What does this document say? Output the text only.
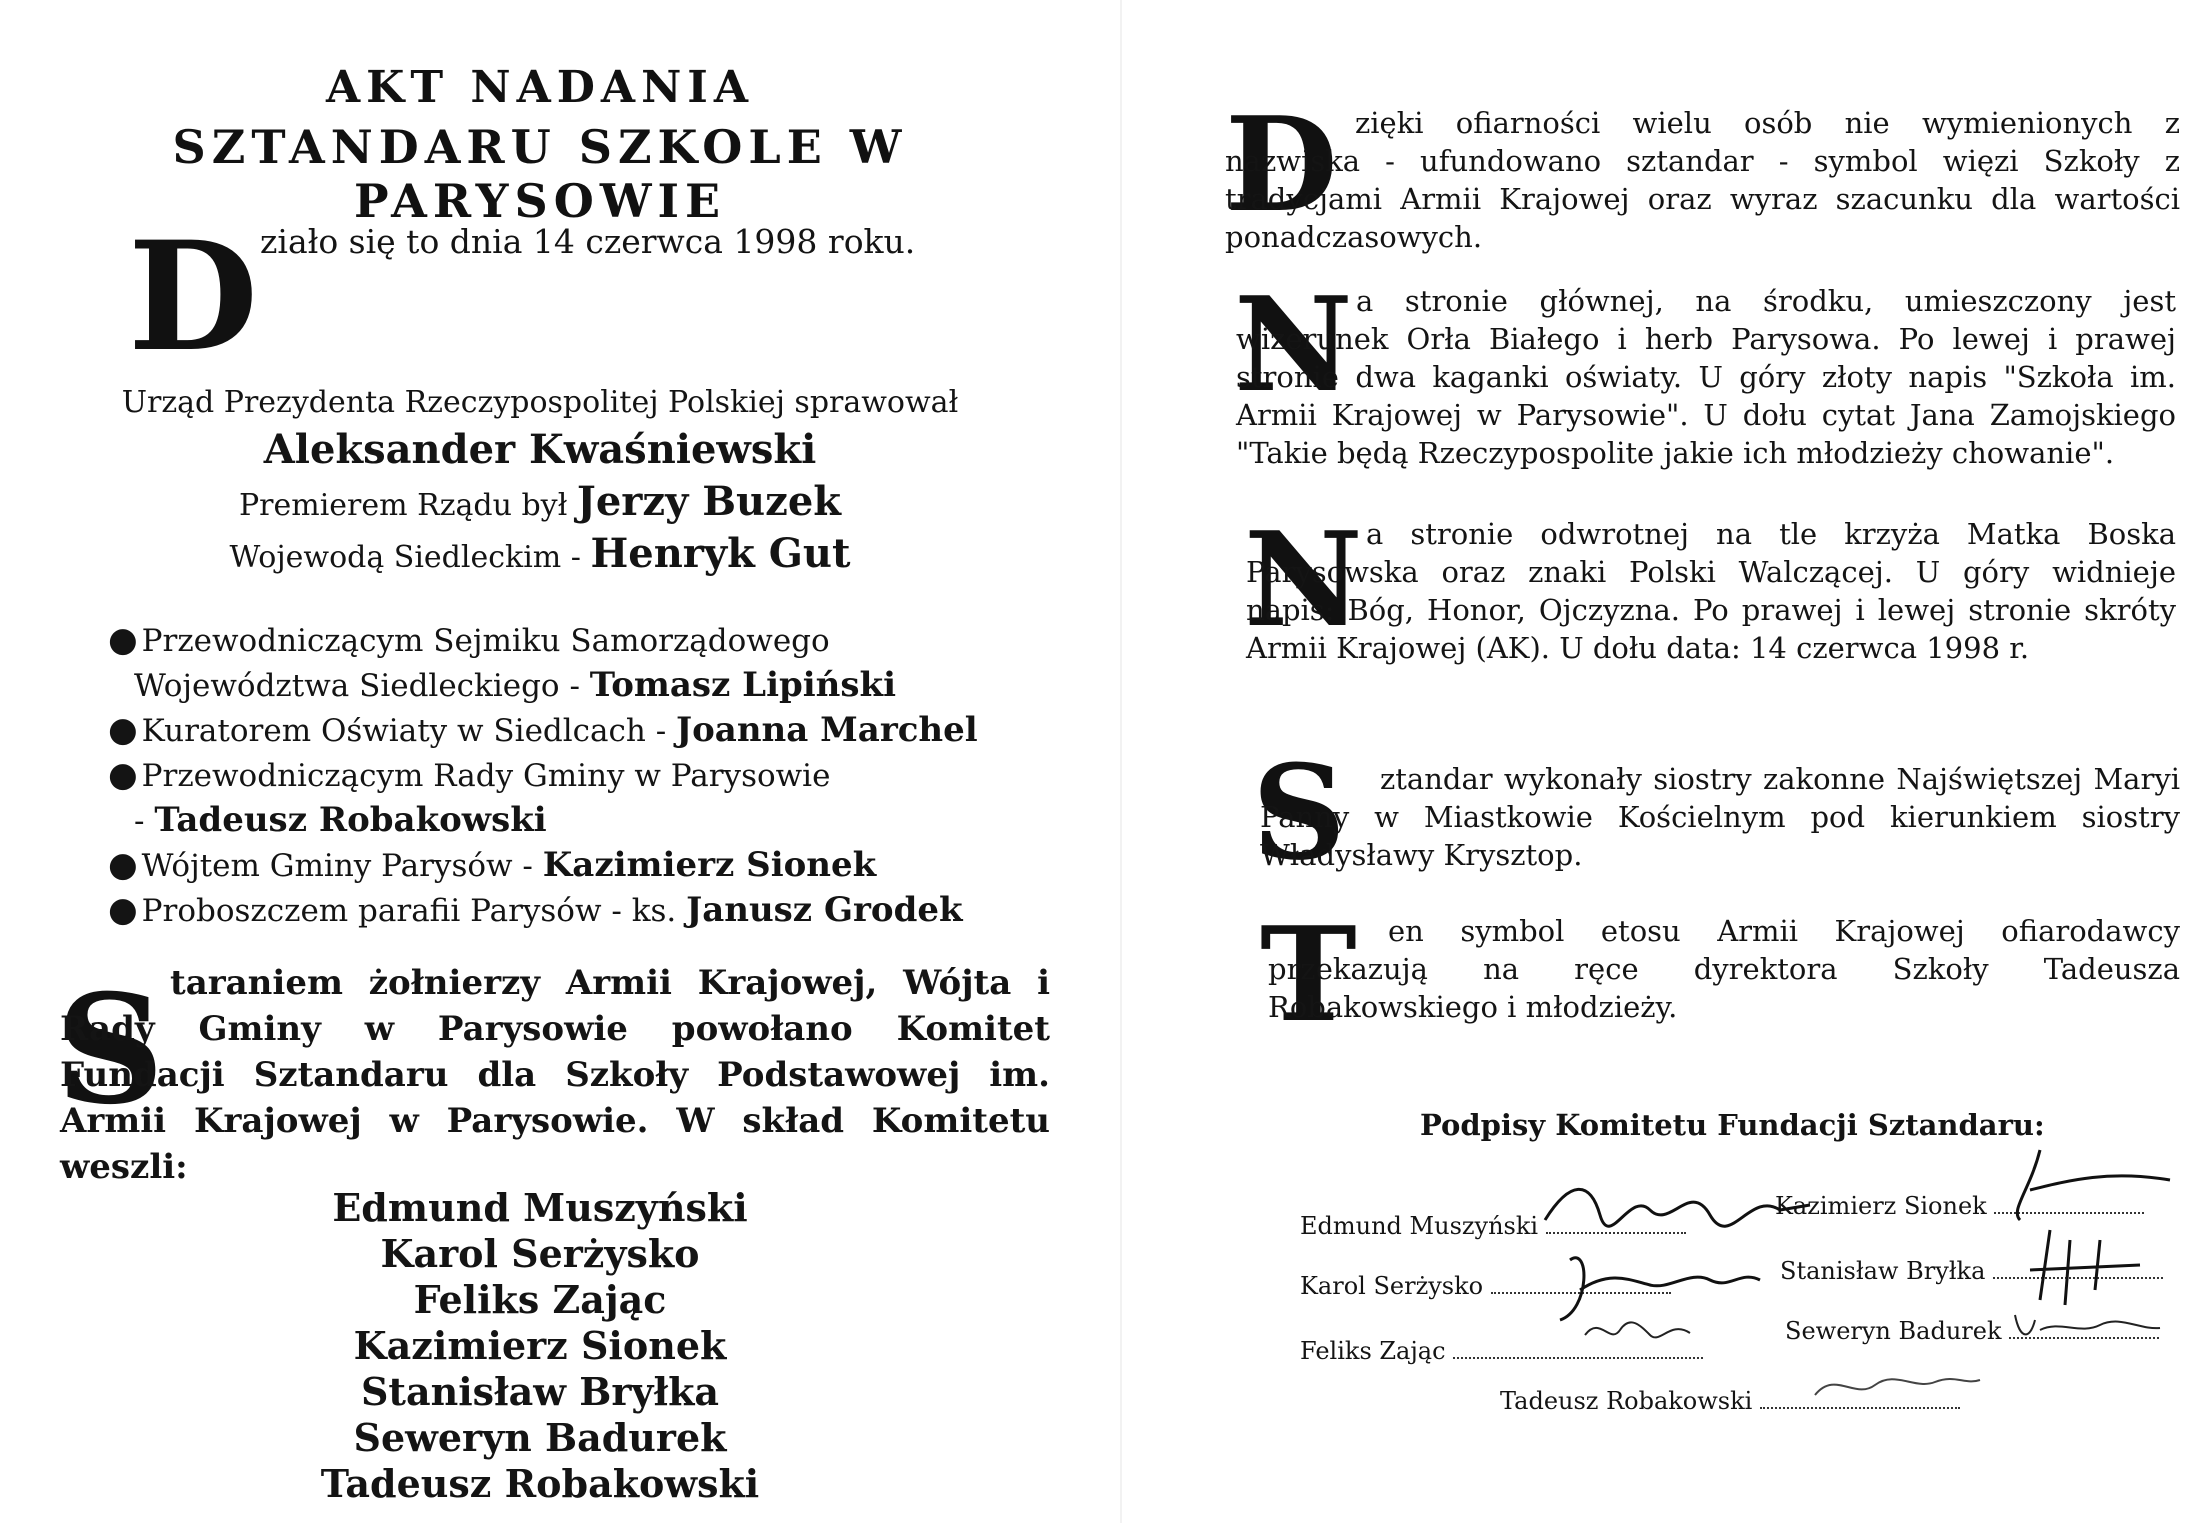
AKT NADANIA
SZTANDARU SZKOLE W PARYSOWIE
D ziało się to dnia 14 czerwca 1998 roku.
Urząd Prezydenta Rzeczypospolitej Polskiej sprawował
Aleksander Kwaśniewski
Premierem Rządu był Jerzy Buzek
Wojewodą Siedleckim - Henryk Gut
● Przewodniczącym Sejmiku Samorządowego
Województwa Siedleckiego - Tomasz Lipiński
● Kuratorem Oświaty w Siedlcach - Joanna Marchel
● Przewodniczącym Rady Gminy w Parysowie
- Tadeusz Robakowski
● Wójtem Gminy Parysów - Kazimierz Sionek
● Proboszczem parafii Parysów - ks. Janusz Grodek
S taraniem żołnierzy Armii Krajowej, Wójta i Rady Gminy w Parysowie powołano Komitet Fundacji Sztandaru dla Szkoły Podstawowej im. Armii Krajowej w Parysowie. W skład Komitetu weszli:
Edmund Muszyński
Karol Serżysko
Feliks Zając
Kazimierz Sionek
Stanisław Bryłka
Seweryn Badurek
Tadeusz Robakowski
D zięki ofiarności wielu osób nie wymienionych z nazwiska - ufundowano sztandar - symbol więzi Szkoły z tradycjami Armii Krajowej oraz wyraz szacunku dla wartości ponadczasowych.
N a stronie głównej, na środku, umieszczony jest wizerunek Orła Białego i herb Parysowa. Po lewej i prawej stronie dwa kaganki oświaty. U góry złoty napis "Szkoła im. Armii Krajowej w Parysowie". U dołu cytat Jana Zamojskiego "Takie będą Rzeczypospolite jakie ich młodzieży chowanie".
N a stronie odwrotnej na tle krzyża Matka Boska Parysowska oraz znaki Polski Walczącej. U góry widnieje napis: Bóg, Honor, Ojczyzna. Po prawej i lewej stronie skróty Armii Krajowej (AK). U dołu data: 14 czerwca 1998 r.
S	ztandar wykonały siostry zakonne Najświętszej Maryi Panny w Miastkowie Kościelnym pod kierunkiem siostry Władysławy Krysztop.
T	en symbol etosu Armii Krajowej ofiarodawcy przekazują na ręce dyrektora Szkoły Tadeusza Robakowskiego i młodzieży.
Podpisy Komitetu Fundacji Sztandaru:
Edmund Muszyński
Karol Serżysko
Feliks Zając
Kazimierz Sionek
Stanisław Bryłka
Seweryn Badurek
Tadeusz Robakowski
